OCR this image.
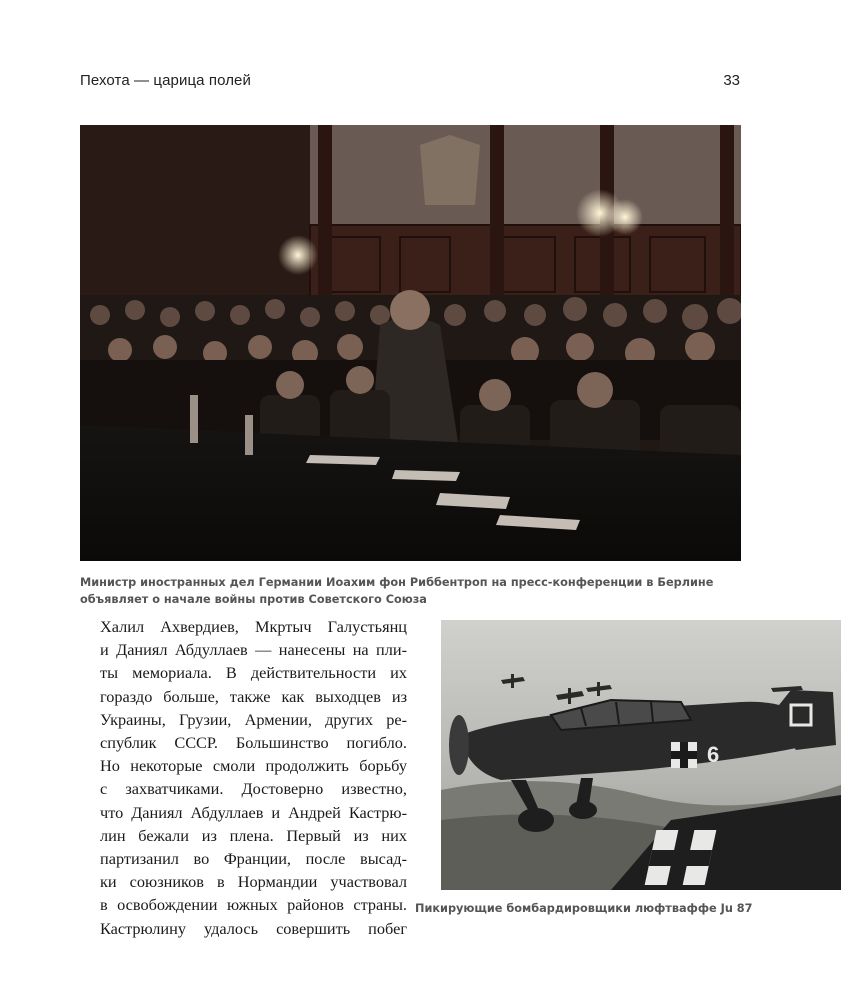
Пехота — царица полей	33
Министр иностранных дел Германии Иоахим фон Риббентроп на пресс-конференции в Берлине
объявляет о начале войны против Советского Союза
Халил Ахвердиев, Мкртыч Галустьянц
и Даниял Абдуллаев — нанесены на пли-
ты мемориала. В действительности их
гораздо больше, также как выходцев из
Украины, Грузии, Армении, других ре-
спублик СССР. Большинство погибло.
Но некоторые смоли продолжить борьбу
с захватчиками. Достоверно известно,
что Даниял Абдуллаев и Андрей Кастрю-
лин бежали из плена. Первый из них
партизанил во Франции, после высад-
ки союзников в Нормандии участвовал
в освобождении южных районов страны.
Кастрюлину удалось совершить побег
6
Пикирующие бомбардировщики люфтваффе Ju 87
